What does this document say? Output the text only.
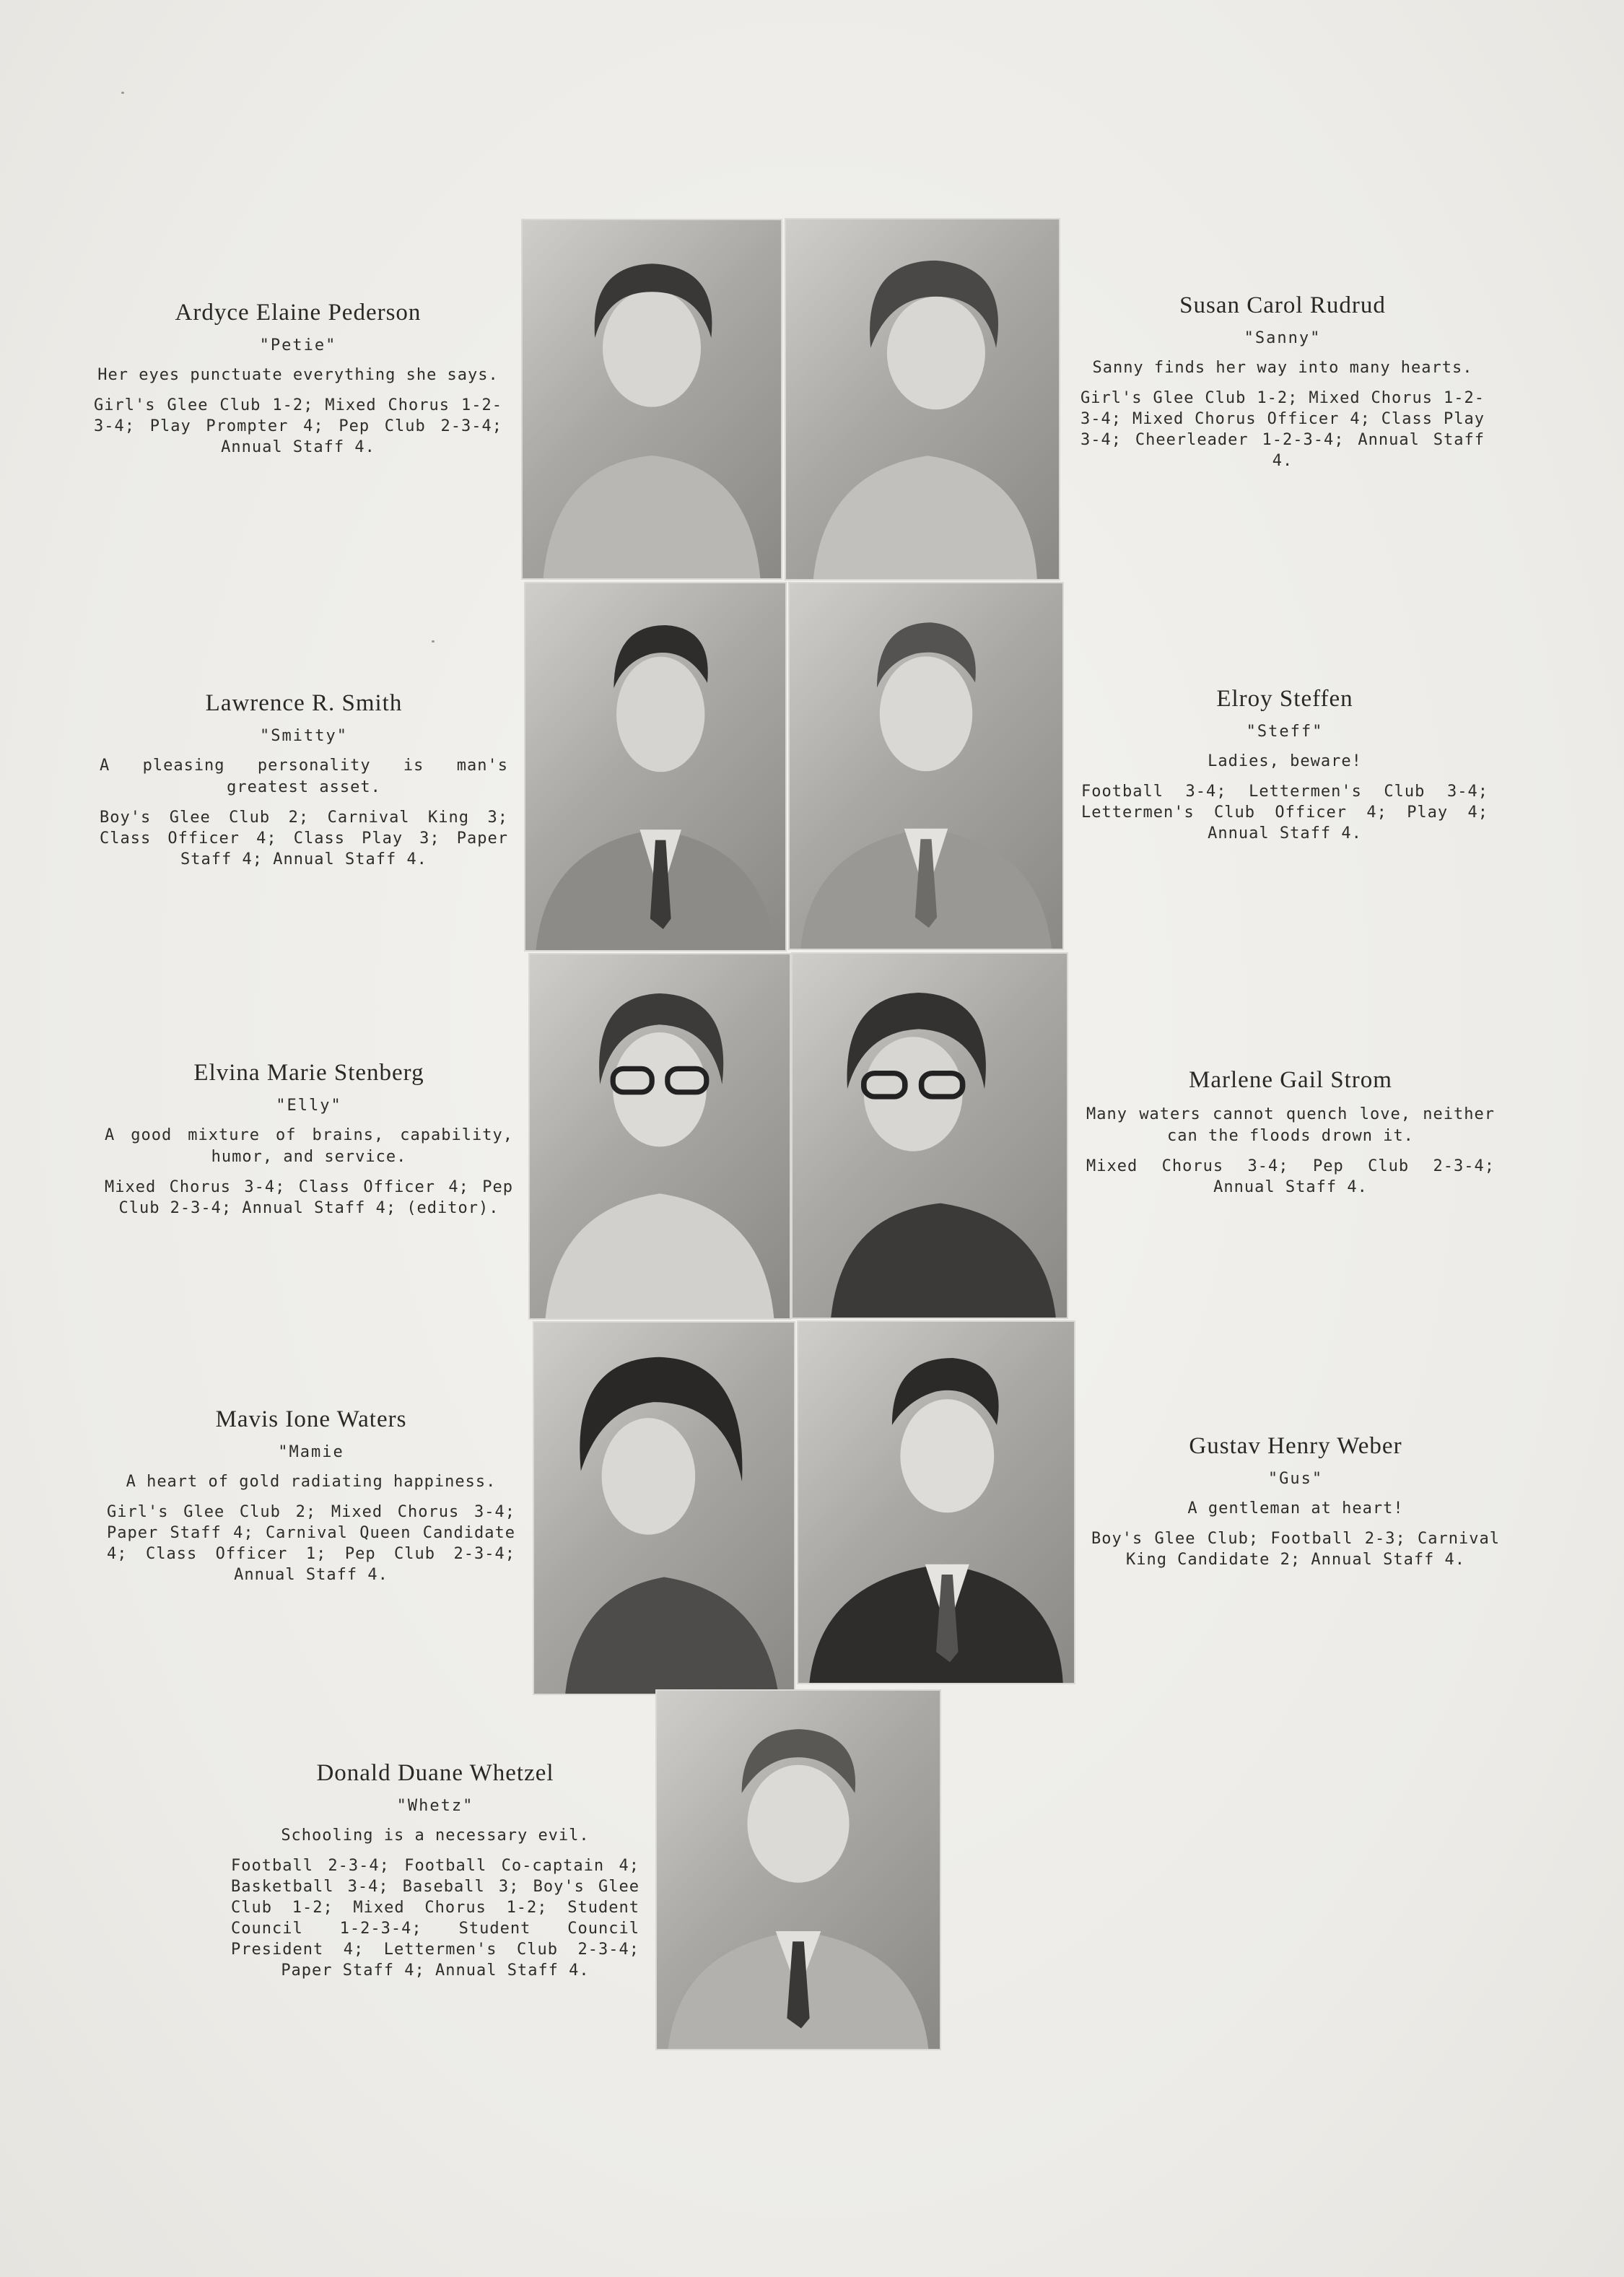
Ardyce Elaine Pederson
"Petie"
Her eyes punctuate everything she says.
Girl's Glee Club 1-2; Mixed Chorus 1-2-3-4; Play Prompter 4; Pep Club 2-3-4; Annual Staff 4.
Susan Carol Rudrud
"Sanny"
Sanny finds her way into many hearts.
Girl's Glee Club 1-2; Mixed Chorus 1-2-3-4; Mixed Chorus Officer 4; Class Play 3-4; Cheerleader 1-2-3-4; Annual Staff 4.
Lawrence R. Smith
"Smitty"
A pleasing personality is man's greatest asset.
Boy's Glee Club 2; Carnival King 3; Class Officer 4; Class Play 3; Paper Staff 4; Annual Staff 4.
Elroy Steffen
"Steff"
Ladies, beware!
Football 3-4; Lettermen's Club 3-4; Lettermen's Club Officer 4; Play 4; Annual Staff 4.
Elvina Marie Stenberg
"Elly"
A good mixture of brains, capability, humor, and service.
Mixed Chorus 3-4; Class Officer 4; Pep Club 2-3-4; Annual Staff 4; (editor).
Marlene Gail Strom
Many waters cannot quench love, neither can the floods drown it.
Mixed Chorus 3-4; Pep Club 2-3-4; Annual Staff 4.
Mavis Ione Waters
"Mamie
A heart of gold radiating happiness.
Girl's Glee Club 2; Mixed Chorus 3-4; Paper Staff 4; Carnival Queen Candidate 4; Class Officer 1; Pep Club 2-3-4; Annual Staff 4.
Gustav Henry Weber
"Gus"
A gentleman at heart!
Boy's Glee Club; Football 2-3; Carnival King Candidate 2; Annual Staff 4.
Donald Duane Whetzel
"Whetz"
Schooling is a necessary evil.
Football 2-3-4; Football Co-captain 4; Basketball 3-4; Baseball 3; Boy's Glee Club 1-2; Mixed Chorus 1-2; Student Council 1-2-3-4; Student Council President 4; Lettermen's Club 2-3-4; Paper Staff 4; Annual Staff 4.
